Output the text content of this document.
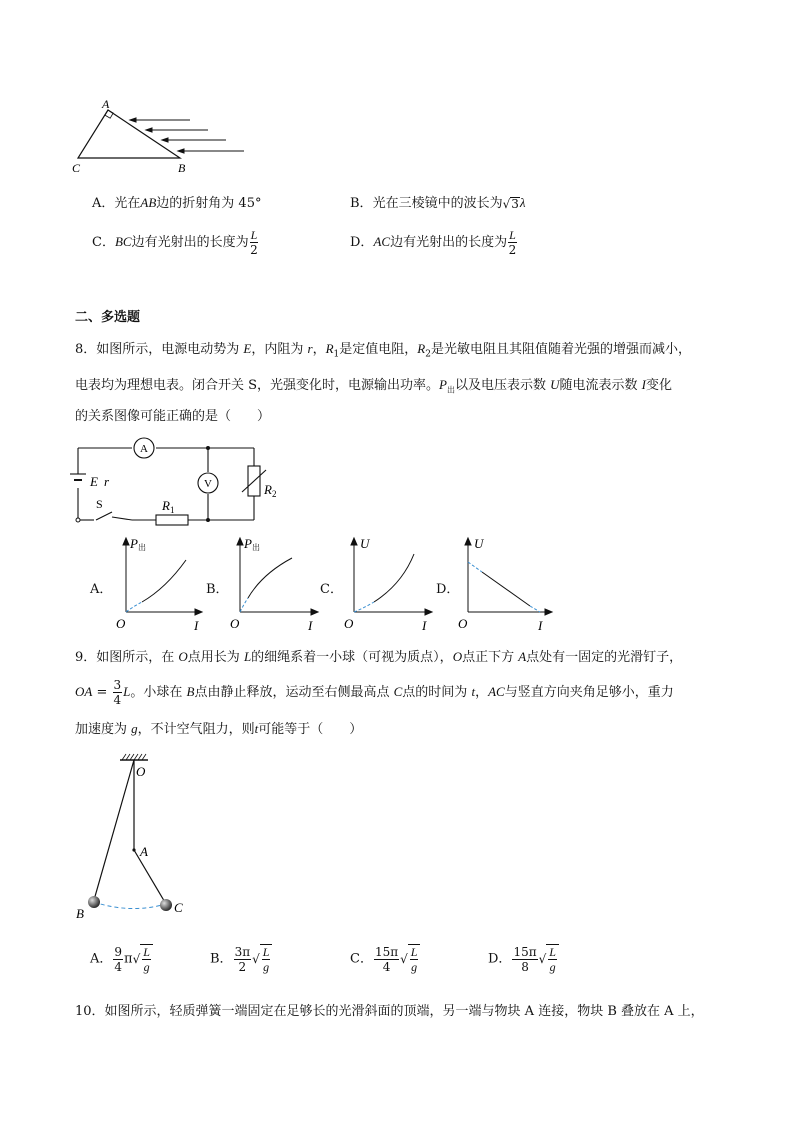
A
C	B
A．光在AB边的折射角为 45°	B．光在三棱镜中的波长为√3λ
C．BC边有光射出的长度为 $\frac{L}{2}$	D．AC边有光射出的长度为 $\frac{L}{2}$
二、多选题
8．如图所示，电源电动势为 E，内阻为 r，$R_1$是定值电阻，$R_2$是光敏电阻且其阻值随着光强的增强而减小，
电表均为理想电表。闭合开关 S，光强变化时，电源输出功率。$P_出$以及电压表示数 U随电流表示数 I变化
的关系图像可能正确的是（　　）
A
V
E r
S	$R_1$
$R_2$
A．
P出
O	I
B．
P出
O	I
C．
U
O	I
D．
U
O	I
9．如图所示，在 O点用长为 L的细绳系着一小球（可视为质点），O点正下方 A点处有一固定的光滑钉子，
OA = $\frac{3}{4}$ L。小球在 B点由静止释放，运动至右侧最高点 C点的时间为 t，AC与竖直方向夹角足够小，重力
加速度为 g，不计空气阻力，则t可能等于（　　）
O
A
B	C
A． $\frac{9}{4} \pi√ \frac{L}{g}$	B． $\frac{3\pi}{2}$ √ $\frac{L}{g}$	C． $\frac{15\pi}{4}$ √ $\frac{L}{g}$	D． $\frac{15\pi}{8}$ √ $\frac{L}{g}$
10．如图所示，轻质弹簧一端固定在足够长的光滑斜面的顶端，另一端与物块 A 连接，物块 B 叠放在 A 上，
